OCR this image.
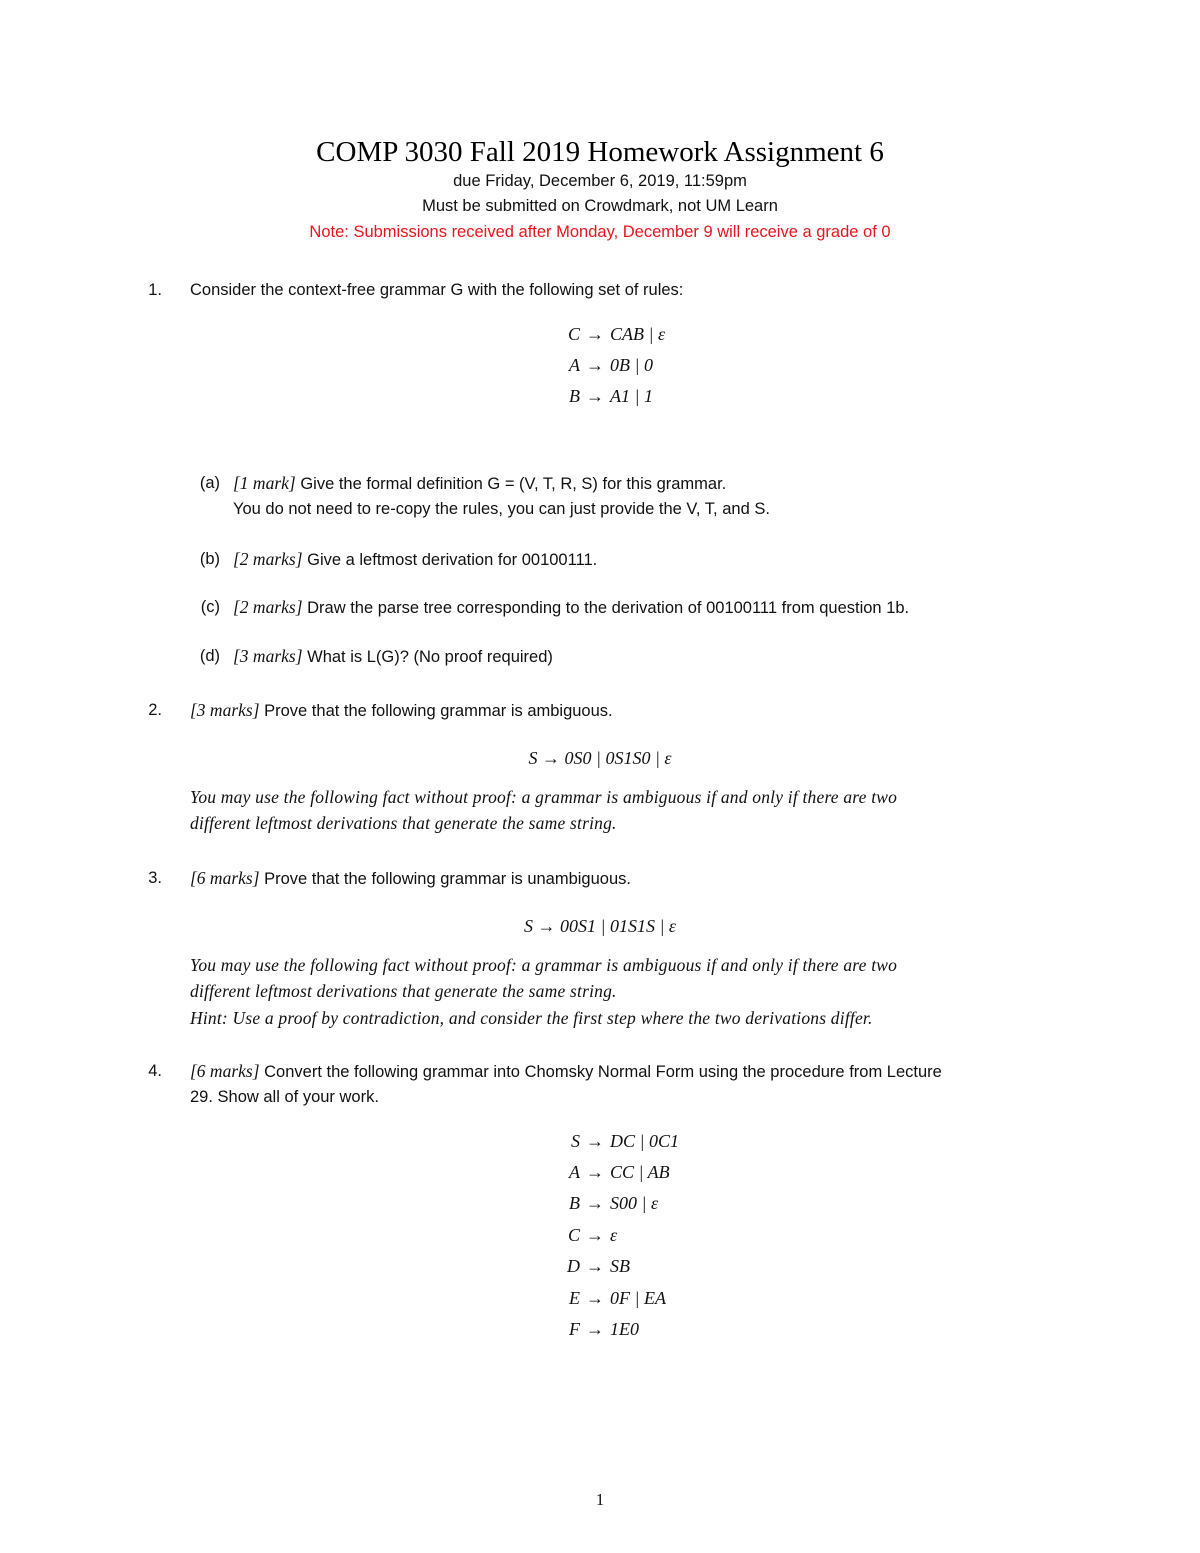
COMP 3030 Fall 2019 Homework Assignment 6
due Friday, December 6, 2019, 11:59pm
Must be submitted on Crowdmark, not UM Learn
Note: Submissions received after Monday, December 9 will receive a grade of 0
1. Consider the context-free grammar G with the following set of rules:
C → CAB | ε
A → 0B | 0
B → A1 | 1
(a) [1 mark] Give the formal definition G = (V, T, R, S) for this grammar.
You do not need to re-copy the rules, you can just provide the V, T, and S.
(b) [2 marks] Give a leftmost derivation for 00100111.
(c) [2 marks] Draw the parse tree corresponding to the derivation of 00100111 from question 1b.
(d) [3 marks] What is L(G)? (No proof required)
2. [3 marks] Prove that the following grammar is ambiguous.
S → 0S0 | 0S1S0 | ε
You may use the following fact without proof: a grammar is ambiguous if and only if there are two
different leftmost derivations that generate the same string.
3. [6 marks] Prove that the following grammar is unambiguous.
S → 00S1 | 01S1S | ε
You may use the following fact without proof: a grammar is ambiguous if and only if there are two
different leftmost derivations that generate the same string.
Hint: Use a proof by contradiction, and consider the first step where the two derivations differ.
4. [6 marks] Convert the following grammar into Chomsky Normal Form using the procedure from Lecture
29. Show all of your work.
S → DC | 0C1
A → CC | AB
B → S00 | ε
C → ε
D → SB
E → 0F | EA
F → 1E0
1
